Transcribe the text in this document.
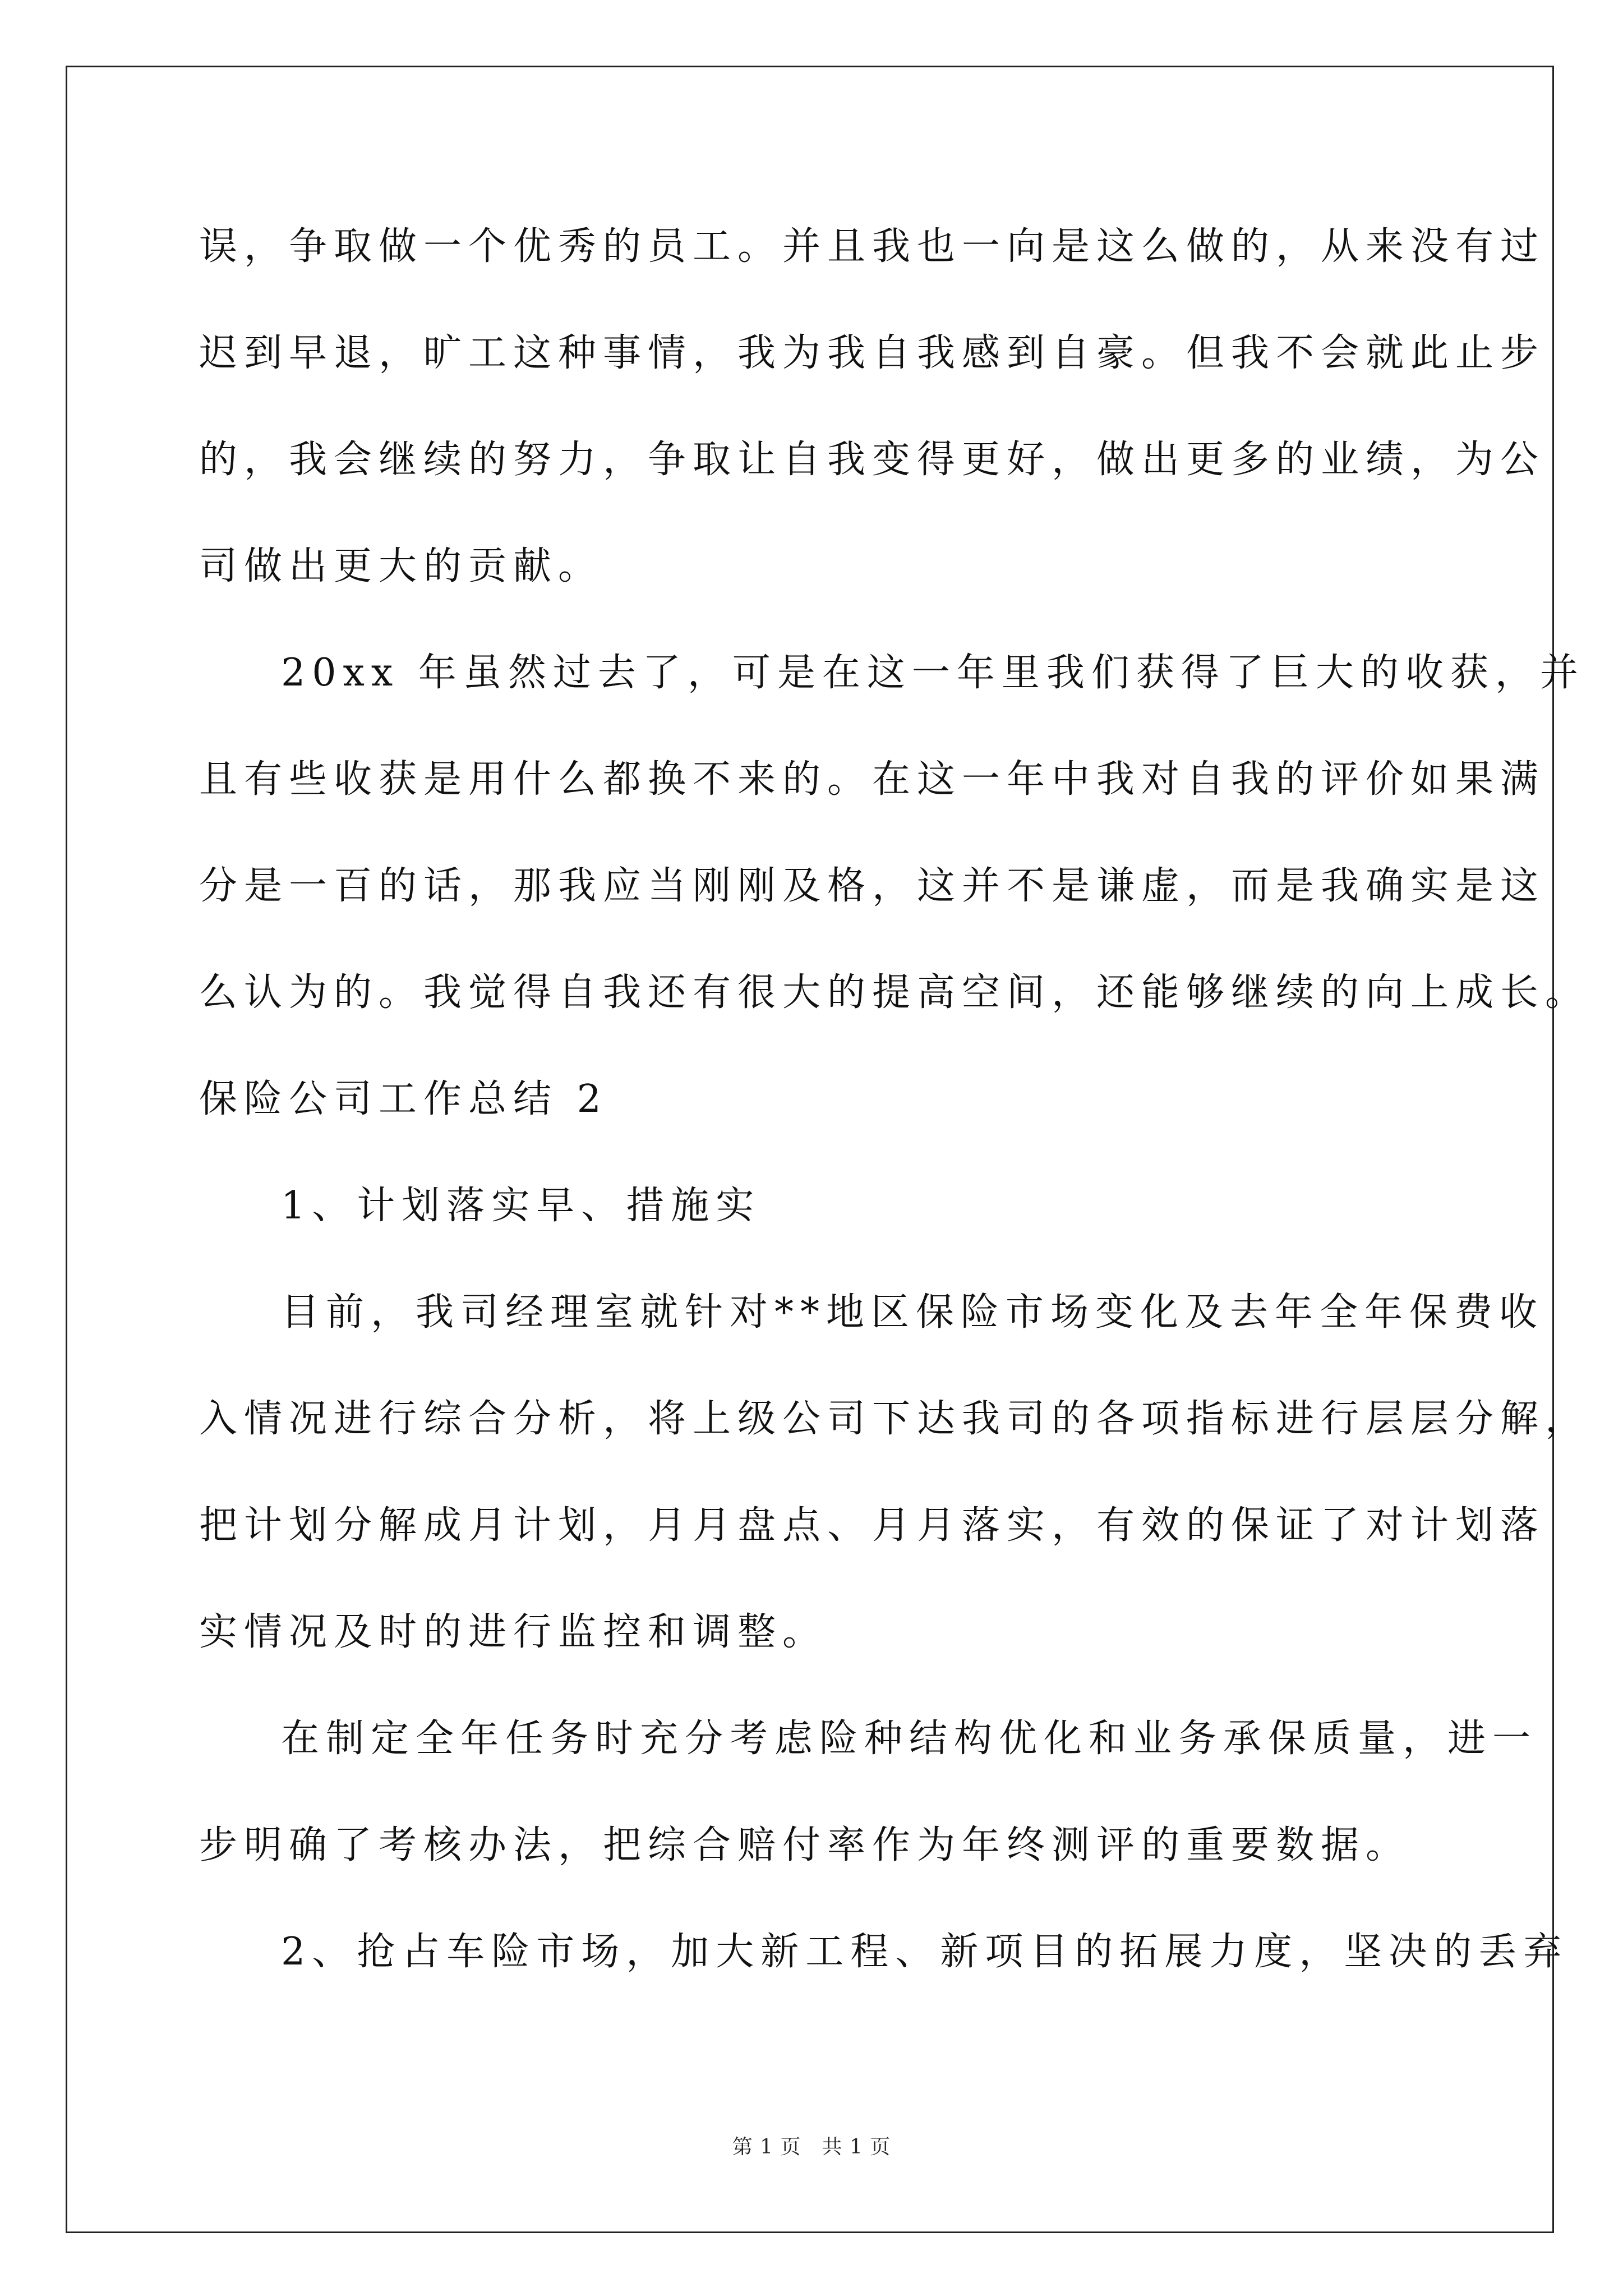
误，争取做一个优秀的员工。并且我也一向是这么做的，从来没有过
迟到早退，旷工这种事情，我为我自我感到自豪。但我不会就此止步
的，我会继续的努力，争取让自我变得更好，做出更多的业绩，为公
司做出更大的贡献。
20xx 年虽然过去了，可是在这一年里我们获得了巨大的收获，并
且有些收获是用什么都换不来的。在这一年中我对自我的评价如果满
分是一百的话，那我应当刚刚及格，这并不是谦虚，而是我确实是这
么认为的。我觉得自我还有很大的提高空间，还能够继续的向上成长。
保险公司工作总结 2
1、计划落实早、措施实
目前，我司经理室就针对**地区保险市场变化及去年全年保费收
入情况进行综合分析，将上级公司下达我司的各项指标进行层层分解，
把计划分解成月计划，月月盘点、月月落实，有效的保证了对计划落
实情况及时的进行监控和调整。
在制定全年任务时充分考虑险种结构优化和业务承保质量，进一
步明确了考核办法，把综合赔付率作为年终测评的重要数据。
2、抢占车险市场，加大新工程、新项目的拓展力度，坚决的丢弃
第 1 页　共 1 页
